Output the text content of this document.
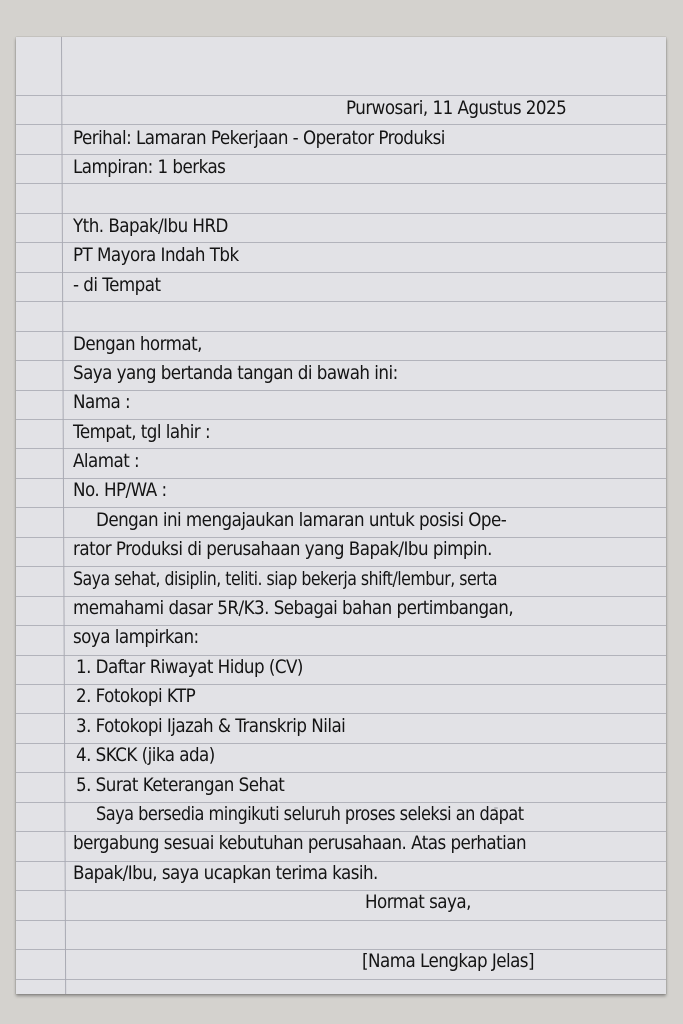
Purwosari, 11 Agustus 2025
Perihal: Lamaran Pekerjaan - Operator Produksi
Lampiran: 1 berkas
Yth. Bapak/Ibu HRD
PT Mayora Indah Tbk
- di Tempat
Dengan hormat,
Saya yang bertanda tangan di bawah ini:
Nama :
Tempat, tgl lahir :
Alamat :
No. HP/WA :
Dengan ini mengajaukan lamaran untuk posisi Ope-
rator Produksi di perusahaan yang Bapak/Ibu pimpin.
Saya sehat, disiplin, teliti. siap bekerja shift/lembur, serta
memahami dasar 5R/K3. Sebagai bahan pertimbangan,
soya lampirkan:
1. Daftar Riwayat Hidup (CV)
2. Fotokopi KTP
3. Fotokopi Ijazah & Transkrip Nilai
4. SKCK (jika ada)
5. Surat Keterangan Sehat
Saya bersedia mingikuti seluruh proses seleksi an dapat
bergabung sesuai kebutuhan perusahaan. Atas perhatian
Bapak/Ibu, saya ucapkan terima kasih.
Hormat saya,
[Nama Lengkap Jelas]
